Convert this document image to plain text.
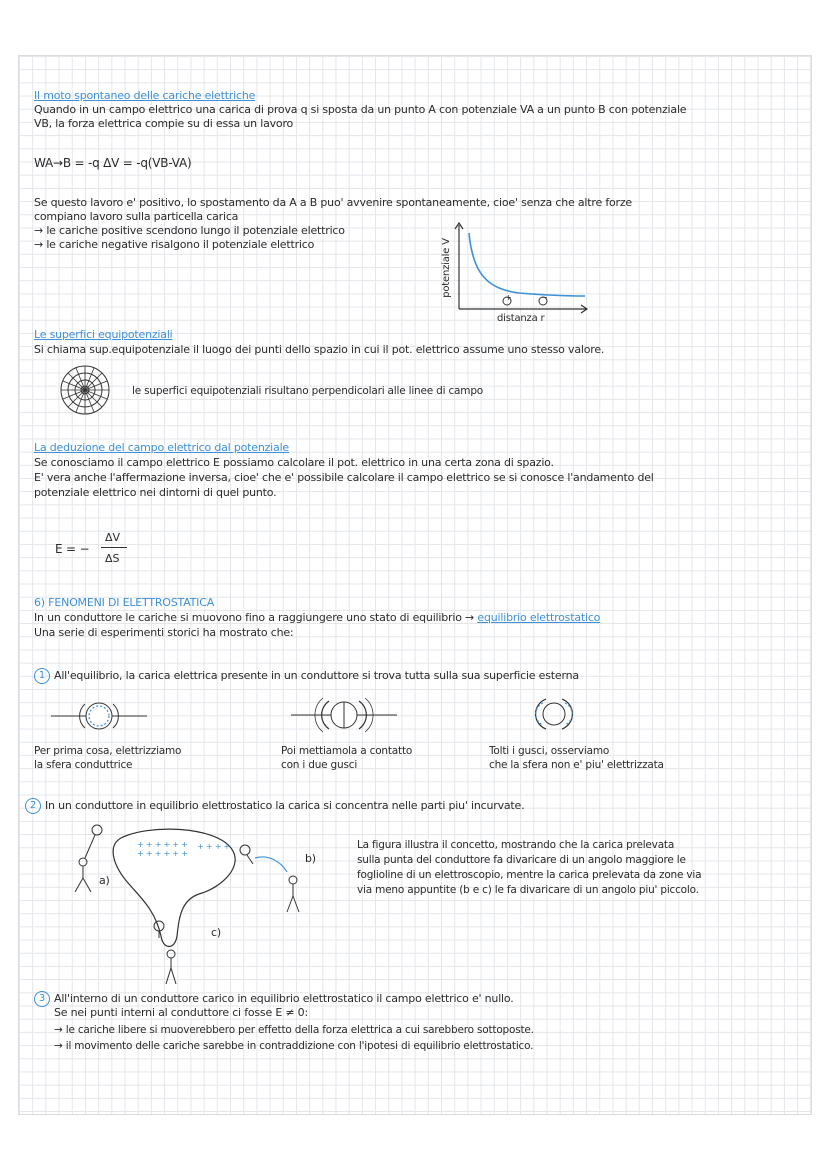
Il moto spontaneo delle cariche elettriche
Quando in un campo elettrico una carica di prova q si sposta da un punto A con potenziale VA a un punto B con potenziale
VB, la forza elettrica compie su di essa un lavoro
WA→B = -q ΔV = -q(VB-VA)
Se questo lavoro e' positivo, lo spostamento da A a B puo' avvenire spontaneamente, cioe' senza che altre forze
compiano lavoro sulla particella carica
→ le cariche positive scendono lungo il potenziale elettrico
→ le cariche negative risalgono il potenziale elettrico
+	−
potenziale V
distanza r
Le superfici equipotenziali
Si chiama sup.equipotenziale il luogo dei punti dello spazio in cui il pot. elettrico assume uno stesso valore.
le superfici equipotenziali risultano perpendicolari alle linee di campo
La deduzione del campo elettrico dal potenziale
Se conosciamo il campo elettrico E possiamo calcolare il pot. elettrico in una certa zona di spazio.
E' vera anche l'affermazione inversa, cioe' che e' possibile calcolare il campo elettrico se si conosce l'andamento del
potenziale elettrico nei dintorni di quel punto.
E = −
ΔV
ΔS
6) FENOMENI DI ELETTROSTATICA
In un conduttore le cariche si muovono fino a raggiungere uno stato di equilibrio → equilibrio elettrostatico
Una serie di esperimenti storici ha mostrato che:
1 All'equilibrio, la carica elettrica presente in un conduttore si trova tutta sulla sua superficie esterna
Per prima cosa, elettrizziamo
la sfera conduttrice
Poi mettiamola a contatto
con i due gusci
Tolti i gusci, osserviamo
che la sfera non e' piu' elettrizzata
2 In un conduttore in equilibrio elettrostatico la carica si concentra nelle parti piu' incurvate.
+ + + + + + + + + + + +
+ + + +
a)
b)
c)
La figura illustra il concetto, mostrando che la carica prelevata
sulla punta del conduttore fa divaricare di un angolo maggiore le
foglioline di un elettroscopio, mentre la carica prelevata da zone via
via meno appuntite (b e c) le fa divaricare di un angolo piu' piccolo.
3 All'interno di un conduttore carico in equilibrio elettrostatico il campo elettrico e' nullo.
Se nei punti interni al conduttore ci fosse E ≠ 0:
→ le cariche libere si muoverebbero per effetto della forza elettrica a cui sarebbero sottoposte.
→ il movimento delle cariche sarebbe in contraddizione con l'ipotesi di equilibrio elettrostatico.
